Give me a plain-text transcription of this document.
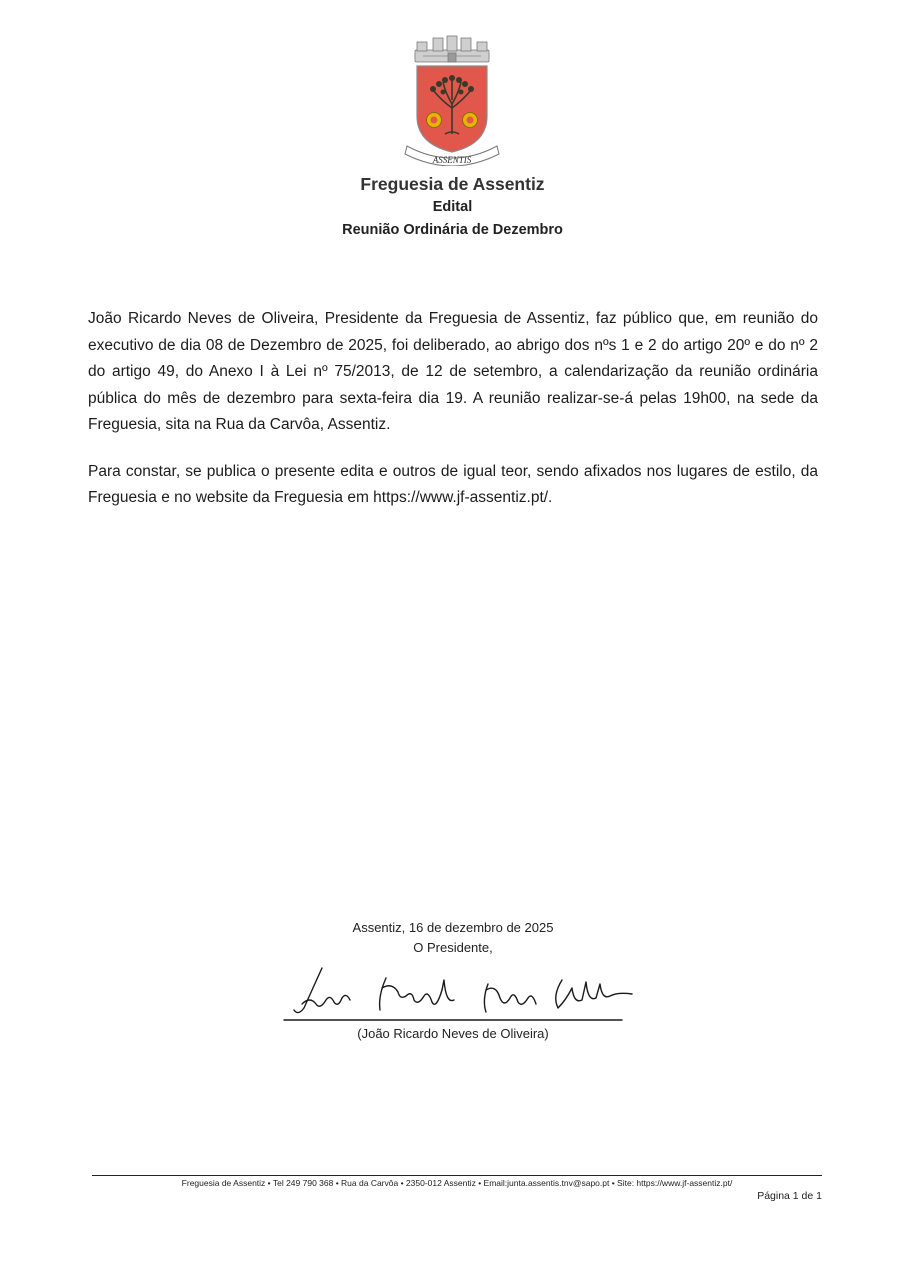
ASSENTIS
Freguesia de Assentiz
Edital
Reunião Ordinária de Dezembro

João Ricardo Neves de Oliveira, Presidente da Freguesia de Assentiz, faz público que, em reunião do executivo de dia 08 de Dezembro de 2025, foi deliberado, ao abrigo dos nºs 1 e 2 do artigo 20º e do nº 2 do artigo 49, do Anexo I à Lei nº 75/2013, de 12 de setembro, a calendarização da reunião ordinária pública do mês de dezembro para sexta-feira dia 19. A reunião realizar-se-á pelas 19h00, na sede da Freguesia, sita na Rua da Carvôa, Assentiz.

Para constar, se publica o presente edita e outros de igual teor, sendo afixados nos lugares de estilo, da Freguesia e no website da Freguesia em https://www.jf-assentiz.pt/.

Assentiz, 16 de dezembro de 2025
O Presidente,
(João Ricardo Neves de Oliveira)
Freguesia de Assentiz • Tel 249 790 368 • Rua da Carvôa • 2350-012 Assentiz • Email:junta.assentis.tnv@sapo.pt • Site: https://www.jf-assentiz.pt/
Página 1 de 1
